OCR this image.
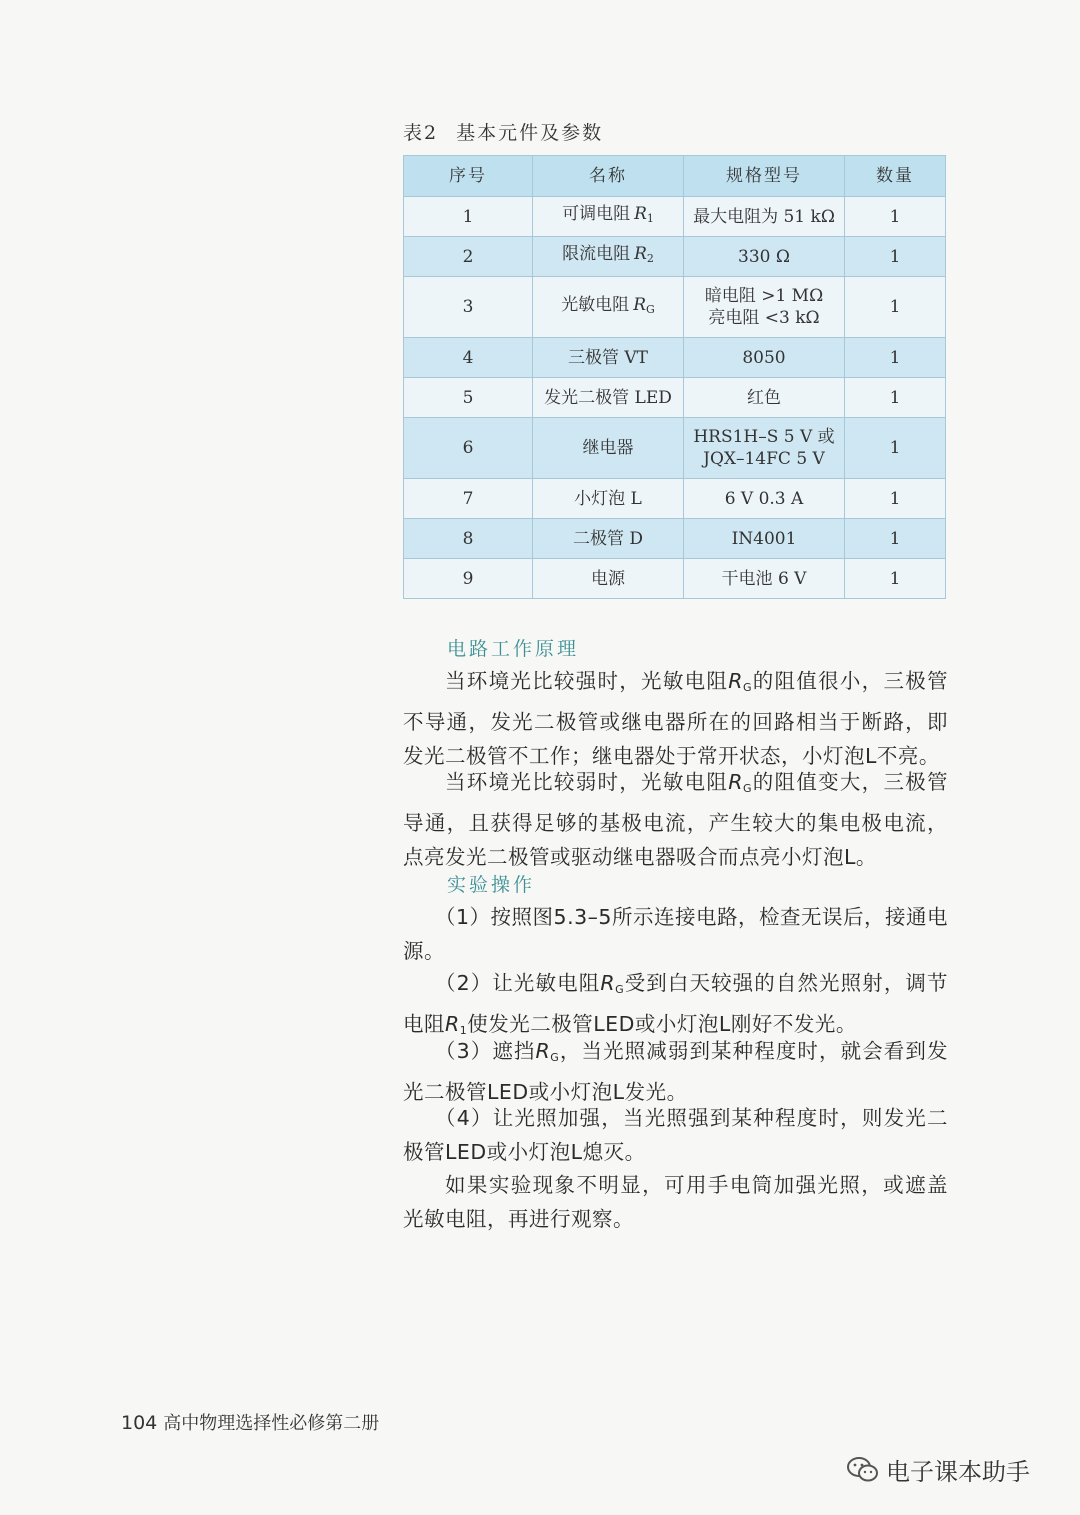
表2 基本元件及参数
序号	名称	规格型号	数量
1	可调电阻 $R_1$	最大电阻为 51 kΩ	1
2	限流电阻 $R_2$	330 Ω	1
3	光敏电阻 $R_G$	暗电阻 >1 MΩ
亮电阻 <3 kΩ	1
4	三极管 VT	8050	1
5	发光二极管 LED	红色	1
6	继电器	HRS1H–S 5 V 或
JQX–14FC 5 V	1
7	小灯泡 L	6 V 0.3 A	1
8	二极管 D	IN4001	1
9	电源	干电池 6 V	1
电路工作原理
当环境光比较强时，光敏电阻$R_G$的阻值很小，三极管不导通，发光二极管或继电器所在的回路相当于断路，即发光二极管不工作；继电器处于常开状态，小灯泡L不亮。
当环境光比较弱时，光敏电阻$R_G$的阻值变大，三极管导通，且获得足够的基极电流，产生较大的集电极电流，点亮发光二极管或驱动继电器吸合而点亮小灯泡L。
实验操作
（1）按照图5.3–5所示连接电路，检查无误后，接通电源。
（2）让光敏电阻$R_G$受到白天较强的自然光照射，调节电阻$R_1$使发光二极管LED或小灯泡L刚好不发光。
（3）遮挡$R_G$，当光照减弱到某种程度时，就会看到发光二极管LED或小灯泡L发光。
（4）让光照加强，当光照强到某种程度时，则发光二极管LED或小灯泡L熄灭。
如果实验现象不明显，可用手电筒加强光照，或遮盖光敏电阻，再进行观察。
104 高中物理选择性必修第二册
电子课本助手
